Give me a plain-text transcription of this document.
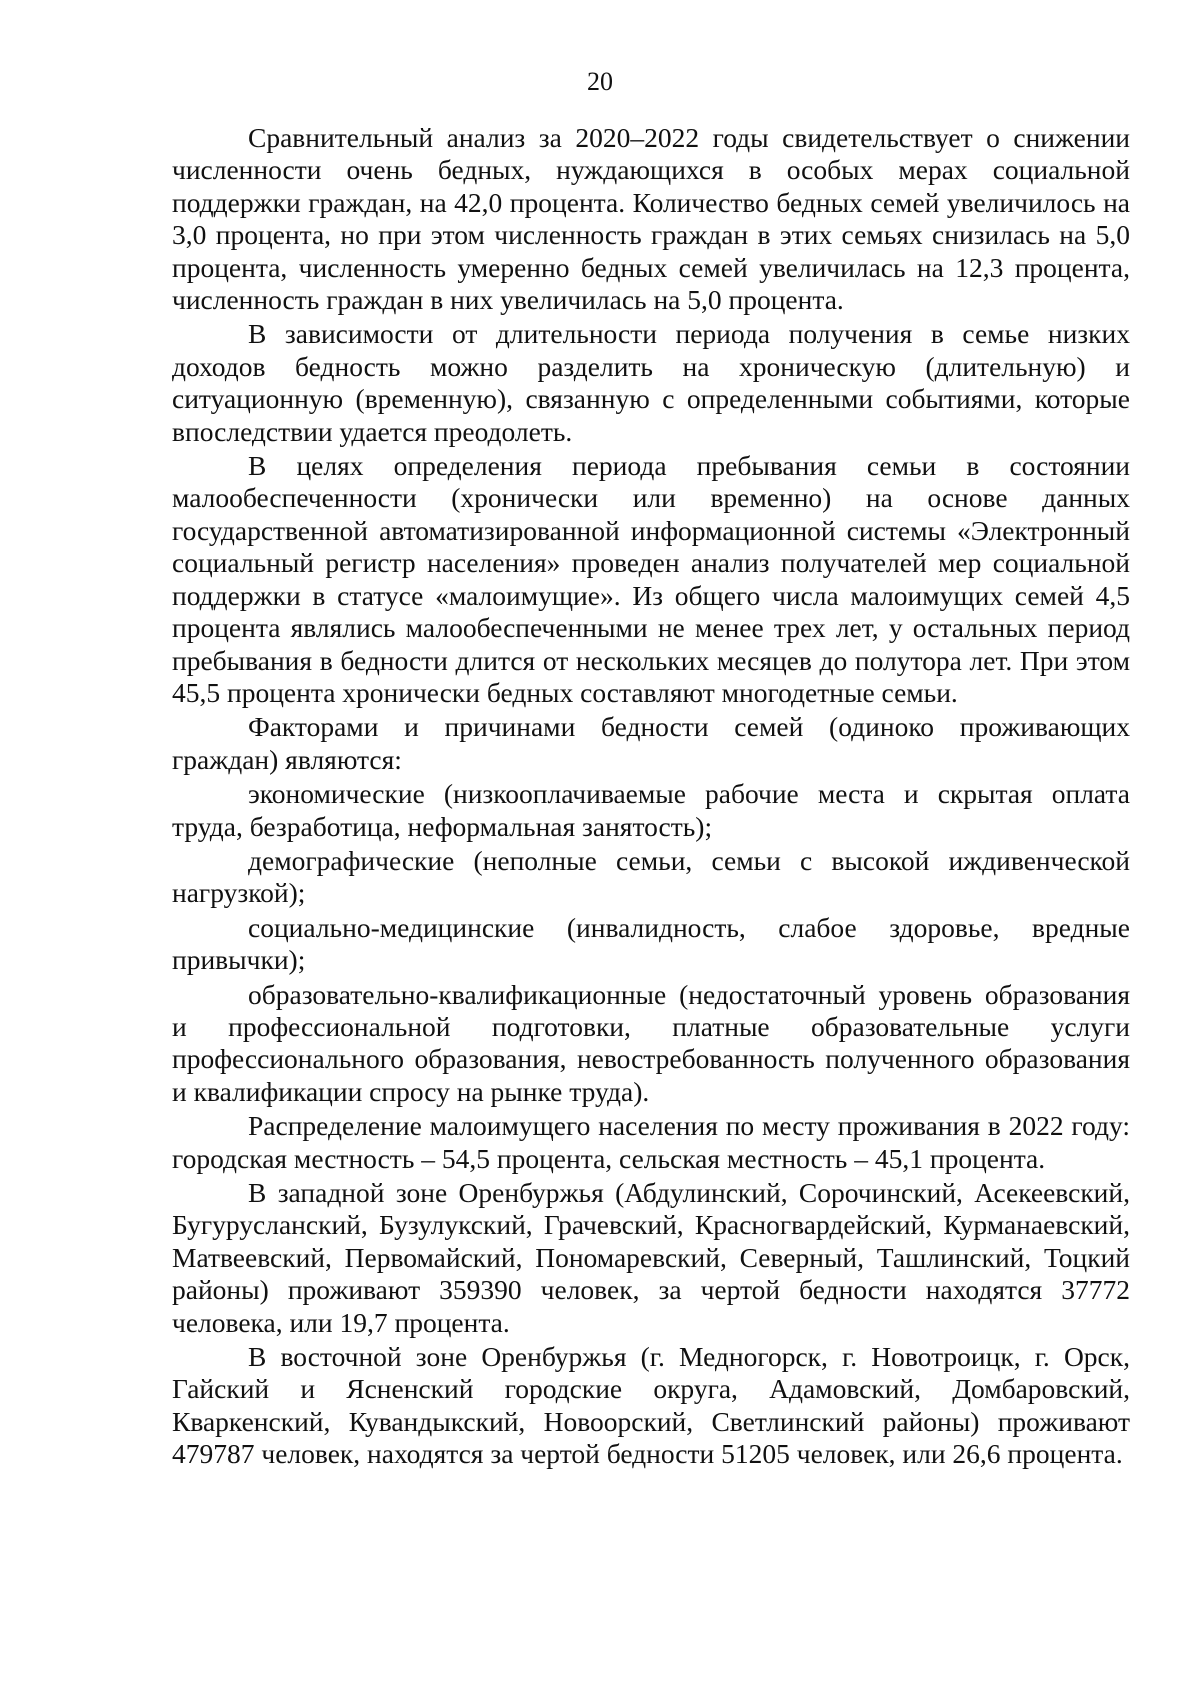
20

Сравнительный анализ за 2020–2022 годы свидетельствует о снижении численности очень бедных, нуждающихся в особых мерах социальной поддержки граждан, на 42,0 процента. Количество бедных семей увеличилось на 3,0 процента, но при этом численность граждан в этих семьях снизилась на 5,0 процента, численность умеренно бедных семей увеличилась на 12,3 процента, численность граждан в них увеличилась на 5,0 процента.

В зависимости от длительности периода получения в семье низких доходов бедность можно разделить на хроническую (длительную) и ситуационную (временную), связанную с определенными событиями, которые впоследствии удается преодолеть.

В целях определения периода пребывания семьи в состоянии малообеспеченности (хронически или временно) на основе данных государственной автоматизированной информационной системы «Электронный социальный регистр населения» проведен анализ получателей мер социальной поддержки в статусе «малоимущие». Из общего числа малоимущих семей 4,5 процента являлись малообеспеченными не менее трех лет, у остальных период пребывания в бедности длится от нескольких месяцев до полутора лет. При этом 45,5 процента хронически бедных составляют многодетные семьи.

Факторами и причинами бедности семей (одиноко проживающих граждан) являются:

экономические (низкооплачиваемые рабочие места и скрытая оплата труда, безработица, неформальная занятость);

демографические (неполные семьи, семьи с высокой иждивенческой нагрузкой);

социально-медицинские (инвалидность, слабое здоровье, вредные привычки);

образовательно-квалификационные (недостаточный уровень образования и профессиональной подготовки, платные образовательные услуги профессионального образования, невостребованность полученного образования и квалификации спросу на рынке труда).

Распределение малоимущего населения по месту проживания в 2022 году: городская местность – 54,5 процента, сельская местность – 45,1 процента.

В западной зоне Оренбуржья (Абдулинский, Сорочинский, Асекеевский, Бугурусланский, Бузулукский, Грачевский, Красногвардейский, Курманаевский, Матвеевский, Первомайский, Пономаревский, Северный, Ташлинский, Тоцкий районы) проживают 359390 человек, за чертой бедности находятся 37772 человека, или 19,7 процента.

В восточной зоне Оренбуржья (г. Медногорск, г. Новотроицк, г. Орск, Гайский и Ясненский городские округа, Адамовский, Домбаровский, Кваркенский, Кувандыкский, Новоорский, Светлинский районы) проживают 479787 человек, находятся за чертой бедности 51205 человек, или 26,6 процента.
